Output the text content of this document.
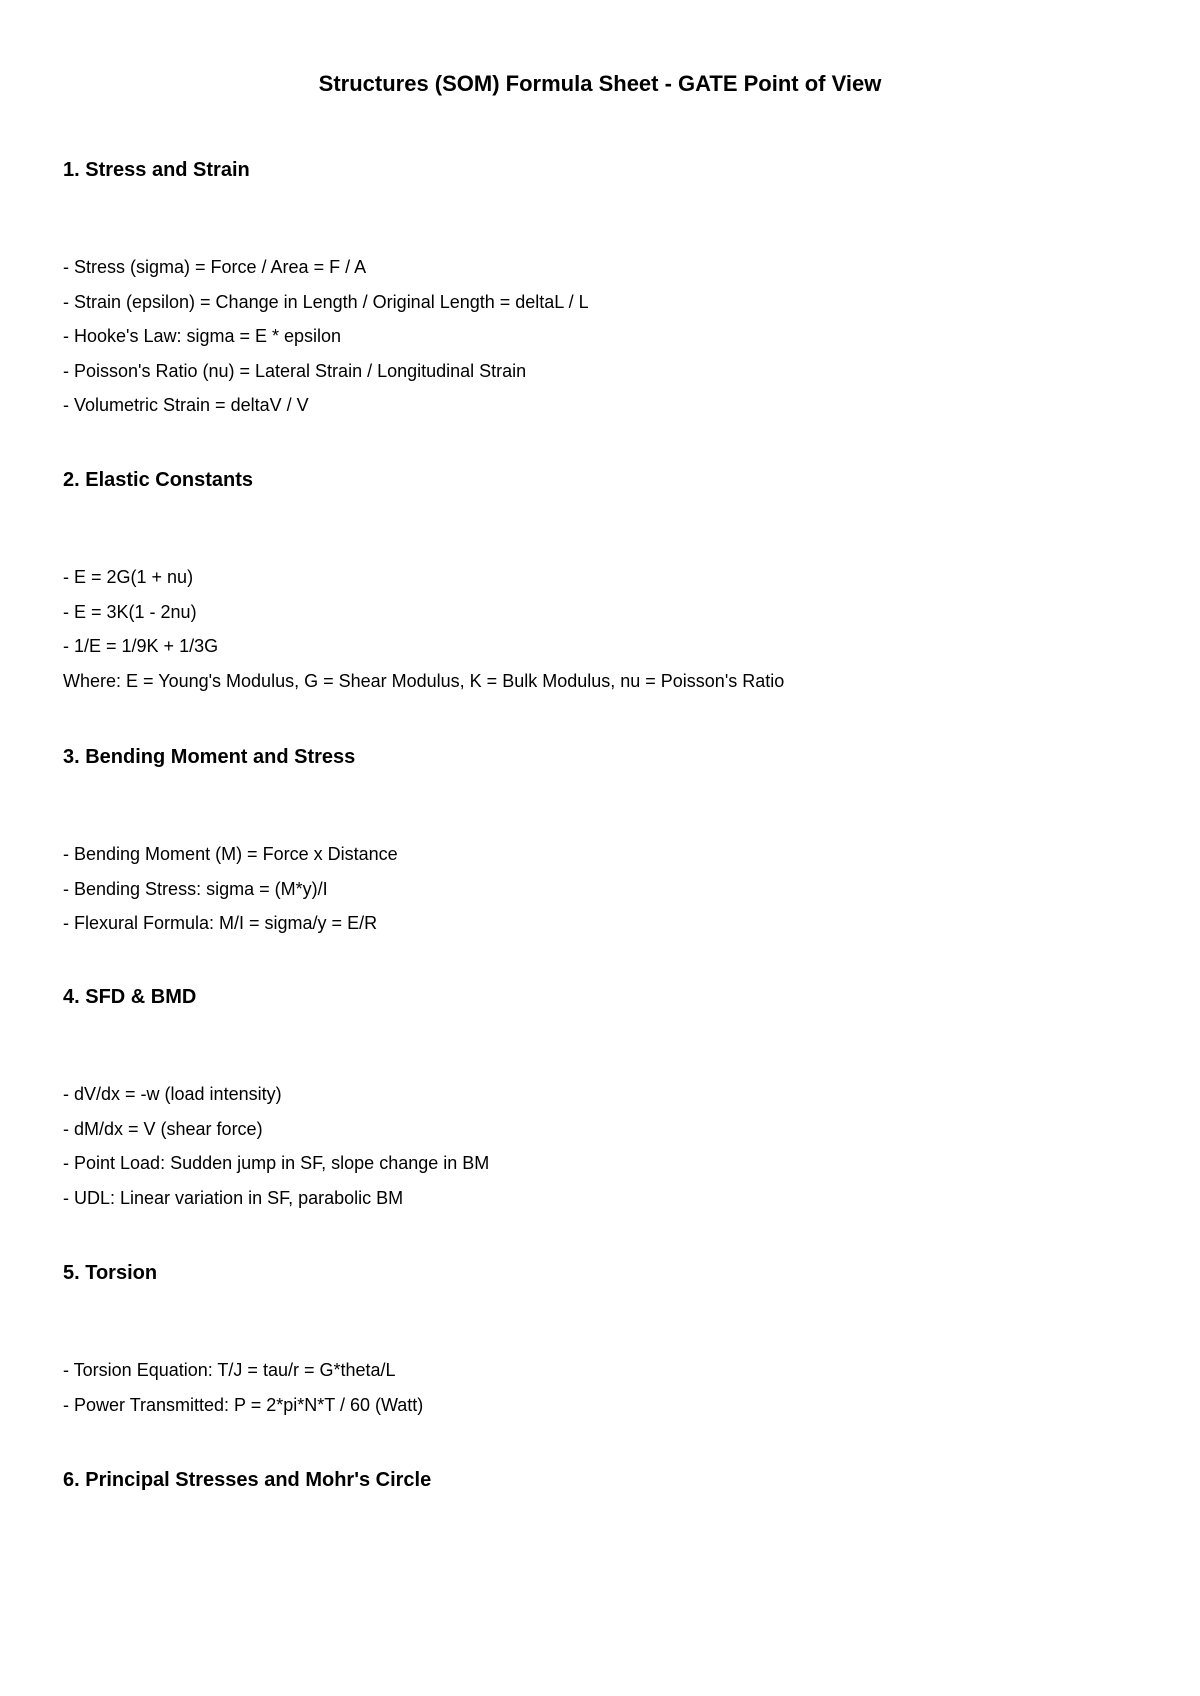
Structures (SOM) Formula Sheet - GATE Point of View
1. Stress and Strain
- Stress (sigma) = Force / Area = F / A
- Strain (epsilon) = Change in Length / Original Length = deltaL / L
- Hooke's Law: sigma = E * epsilon
- Poisson's Ratio (nu) = Lateral Strain / Longitudinal Strain
- Volumetric Strain = deltaV / V
2. Elastic Constants
- E = 2G(1 + nu)
- E = 3K(1 - 2nu)
- 1/E = 1/9K + 1/3G
Where: E = Young's Modulus, G = Shear Modulus, K = Bulk Modulus, nu = Poisson's Ratio
3. Bending Moment and Stress
- Bending Moment (M) = Force x Distance
- Bending Stress: sigma = (M*y)/I
- Flexural Formula: M/I = sigma/y = E/R
4. SFD & BMD
- dV/dx = -w (load intensity)
- dM/dx = V (shear force)
- Point Load: Sudden jump in SF, slope change in BM
- UDL: Linear variation in SF, parabolic BM
5. Torsion
- Torsion Equation: T/J = tau/r = G*theta/L
- Power Transmitted: P = 2*pi*N*T / 60 (Watt)
6. Principal Stresses and Mohr's Circle
